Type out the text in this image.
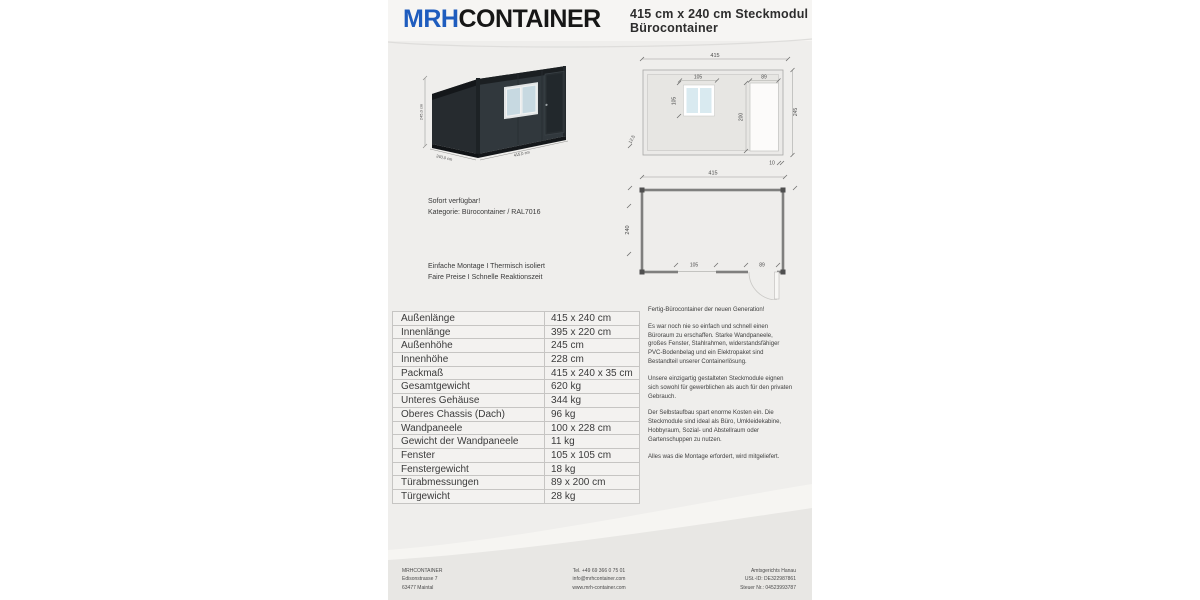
MRHCONTAINER 415 cm x 240 cm Steckmodul
Bürocontainer
245,0 cm
240,0 cm	415,0 cm
415
105
105
89
200
245
12,5
10
415
240
105	89
Sofort verfügbar!
Kategorie: Bürocontainer / RAL7016
Einfache Montage I Thermisch isoliert
Faire Preise I Schnelle Reaktionszeit
Außenlänge	415 x 240 cm
Innenlänge	395 x 220 cm
Außenhöhe	245 cm
Innenhöhe	228 cm
Packmaß	415 x 240 x 35 cm
Gesamtgewicht	620 kg
Unteres Gehäuse	344 kg
Oberes Chassis (Dach)	96 kg
Wandpaneele	100 x 228 cm
Gewicht der Wandpaneele	11 kg
Fenster	105 x 105 cm
Fenstergewicht	18 kg
Türabmessungen	89 x 200 cm
Türgewicht	28 kg

Fertig-Bürocontainer der neuen Generation!

Es war noch nie so einfach und schnell einen Büroraum zu erschaffen. Starke Wandpaneele, großes Fenster, Stahlrahmen, widerstandsfähiger PVC-Bodenbelag und ein Elektropaket sind Bestandteil unserer Containerlösung.

Unsere einzigartig gestalteten Steckmodule eignen sich sowohl für gewerblichen als auch für den privaten Gebrauch.

Der Selbstaufbau spart enorme Kosten ein. Die Steckmodule sind ideal als Büro, Umkleidekabine, Hobbyraum, Sozial- und Abstellraum oder Gartenschuppen zu nutzen.

Alles was die Montage erfordert, wird mitgeliefert.

MRHCONTAINER
Edisonstrasse 7
63477 Maintal
Tel. +49 69 366 0 75 01
info@mrhcontainer.com
www.mrh-container.com
Amtsgerichts Hanau
USt.-ID: DE322987861
Steuer Nr.: 04523993787
